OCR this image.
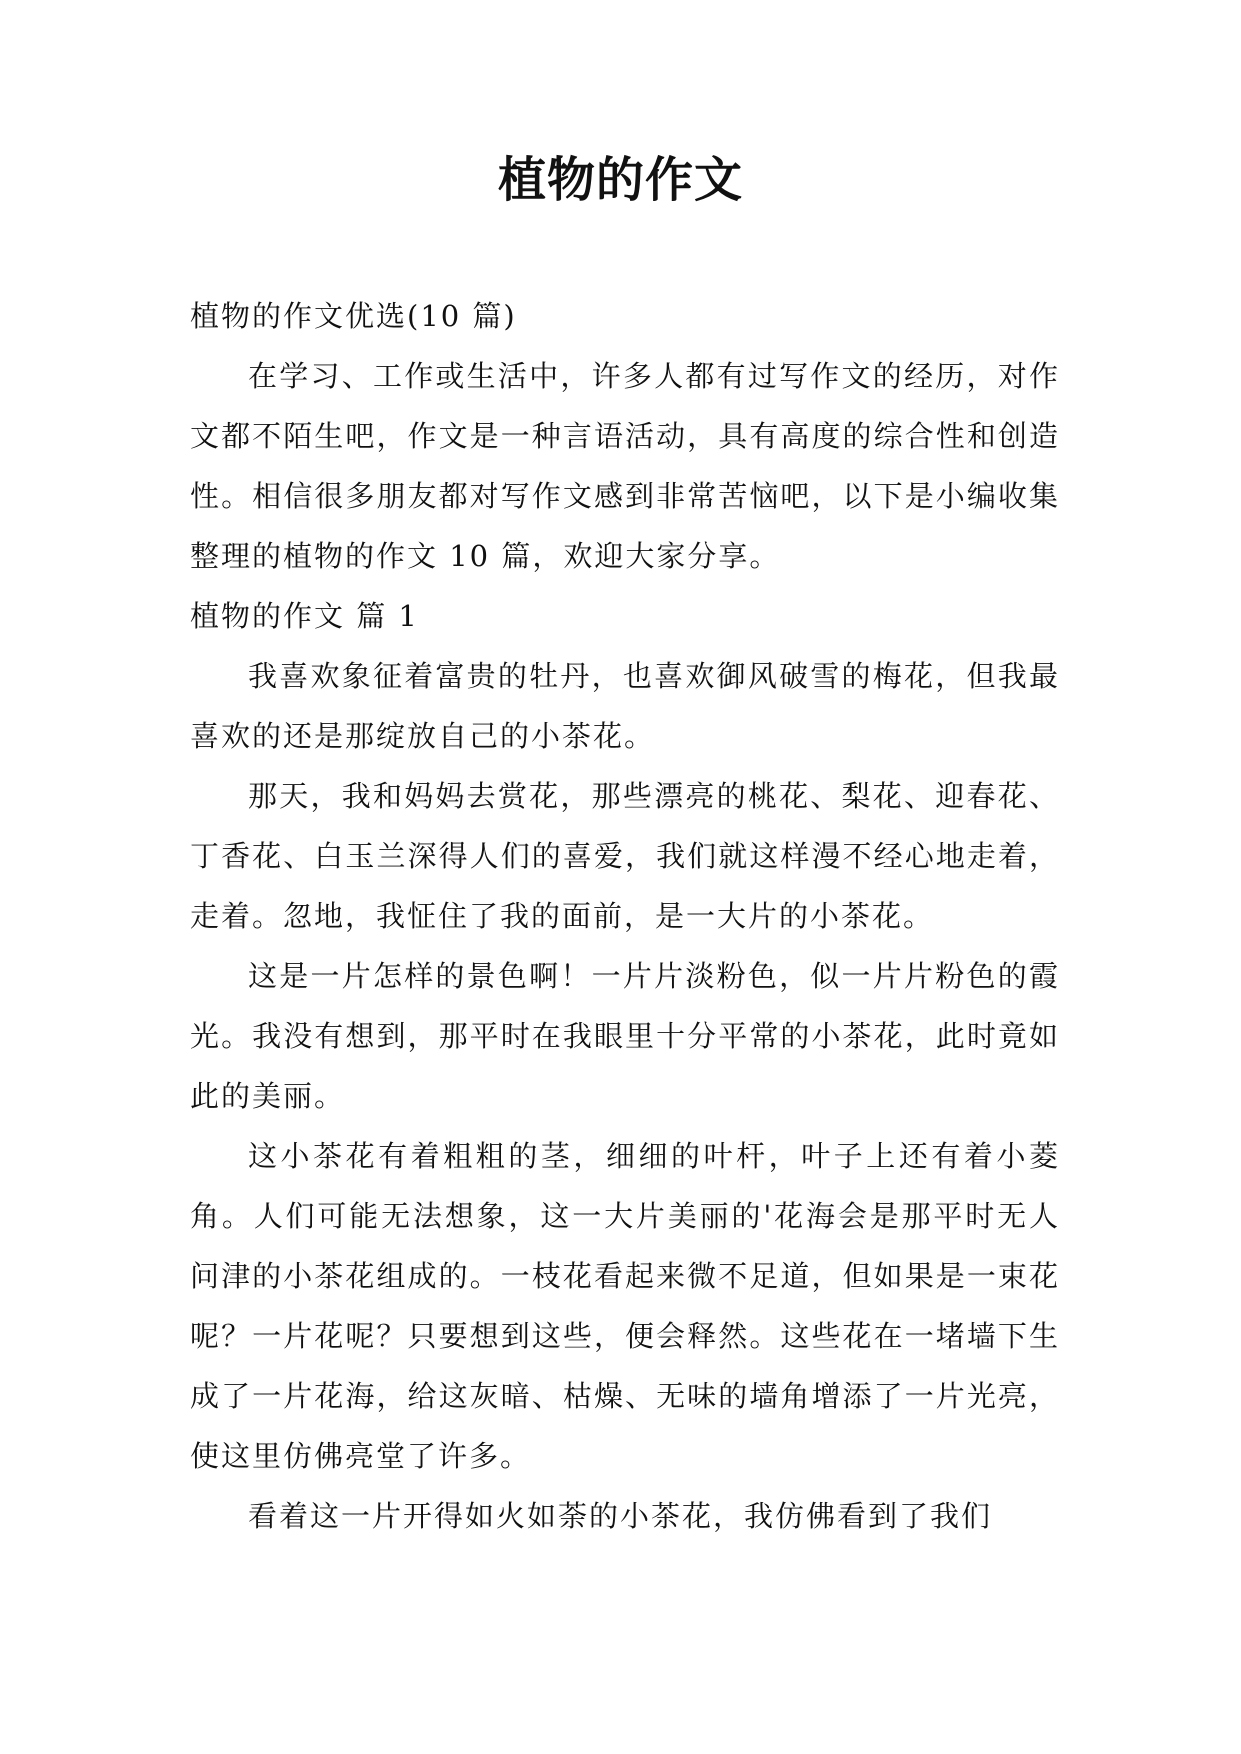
植物的作文

植物的作文优选(10 篇)

在学习、工作或生活中，许多人都有过写作文的经历，对作文都不陌生吧，作文是一种言语活动，具有高度的综合性和创造性。相信很多朋友都对写作文感到非常苦恼吧，以下是小编收集整理的植物的作文 10 篇，欢迎大家分享。

植物的作文 篇 1

我喜欢象征着富贵的牡丹，也喜欢御风破雪的梅花，但我最喜欢的还是那绽放自己的小茶花。

那天，我和妈妈去赏花，那些漂亮的桃花、梨花、迎春花、丁香花、白玉兰深得人们的喜爱，我们就这样漫不经心地走着，走着。忽地，我怔住了我的面前，是一大片的小茶花。

这是一片怎样的景色啊！一片片淡粉色，似一片片粉色的霞光。我没有想到，那平时在我眼里十分平常的小茶花，此时竟如此的美丽。

这小茶花有着粗粗的茎，细细的叶杆，叶子上还有着小菱角。人们可能无法想象，这一大片美丽的'花海会是那平时无人问津的小茶花组成的。一枝花看起来微不足道，但如果是一束花呢？一片花呢？只要想到这些，便会释然。这些花在一堵墙下生成了一片花海，给这灰暗、枯燥、无味的墙角增添了一片光亮，使这里仿佛亮堂了许多。

看着这一片开得如火如荼的小茶花，我仿佛看到了我们
